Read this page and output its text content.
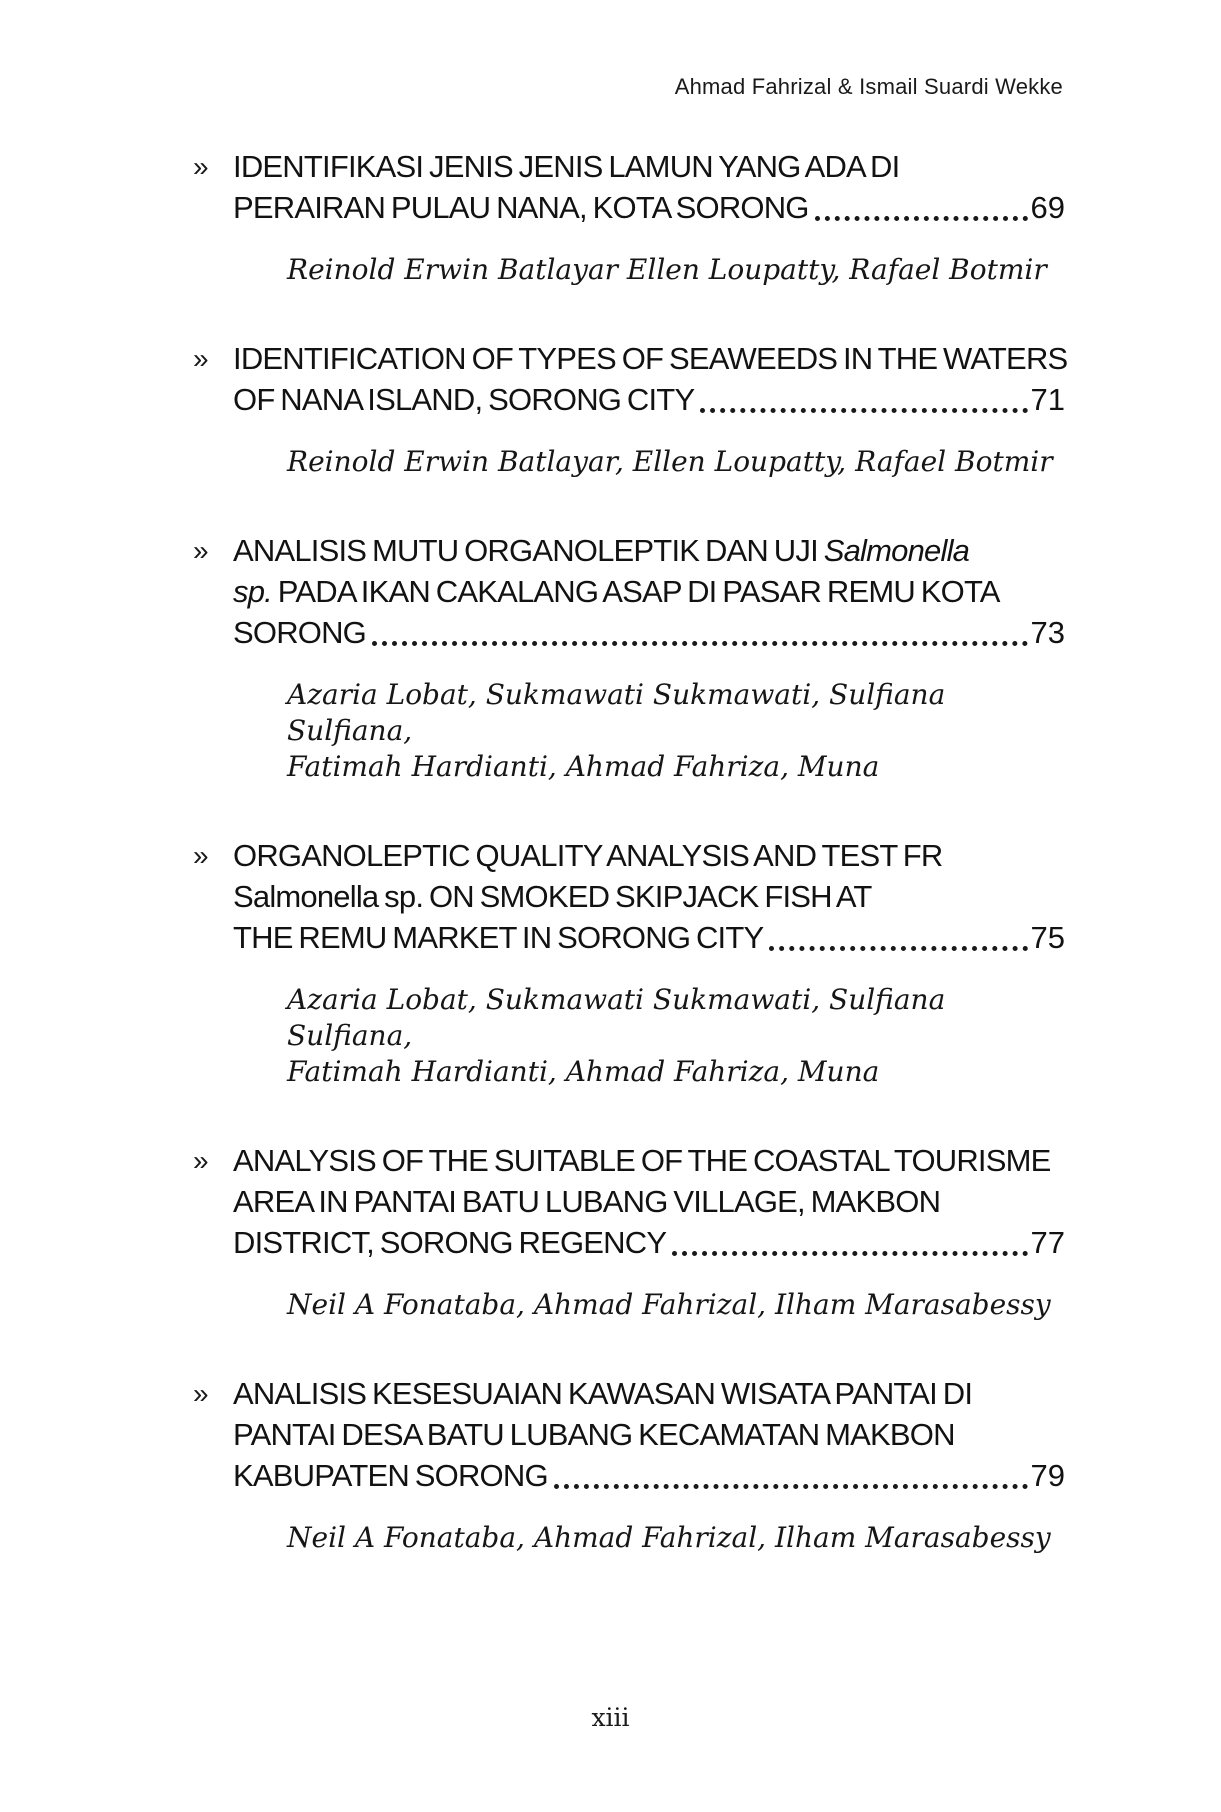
Ahmad Fahrizal & Ismail Suardi Wekke
» IDENTIFIKASI JENIS JENIS LAMUN YANG ADA DI
PERAIRAN PULAU NANA, KOTA SORONG	69
Reinold Erwin Batlayar Ellen Loupatty, Rafael Botmir
» IDENTIFICATION OF TYPES OF SEAWEEDS IN THE WATERS
OF NANA ISLAND, SORONG CITY	71
Reinold Erwin Batlayar, Ellen Loupatty, Rafael Botmir
» ANALISIS MUTU ORGANOLEPTIK DAN UJI Salmonella
sp. PADA IKAN CAKALANG ASAP DI PASAR REMU KOTA
SORONG	73
Azaria Lobat, Sukmawati Sukmawati, Sulfiana Sulfiana,
Fatimah Hardianti, Ahmad Fahriza, Muna
» ORGANOLEPTIC QUALITY ANALYSIS AND TEST FR
Salmonella sp. ON SMOKED SKIPJACK FISH AT
THE REMU MARKET IN SORONG CITY	75
Azaria Lobat, Sukmawati Sukmawati, Sulfiana Sulfiana,
Fatimah Hardianti, Ahmad Fahriza, Muna
» ANALYSIS OF THE SUITABLE OF THE COASTAL TOURISME
AREA IN PANTAI BATU LUBANG VILLAGE, MAKBON
DISTRICT, SORONG REGENCY	77
Neil A Fonataba, Ahmad Fahrizal, Ilham Marasabessy
» ANALISIS KESESUAIAN KAWASAN WISATA PANTAI DI
PANTAI DESA BATU LUBANG KECAMATAN MAKBON
KABUPATEN SORONG	79
Neil A Fonataba, Ahmad Fahrizal, Ilham Marasabessy
xiii
